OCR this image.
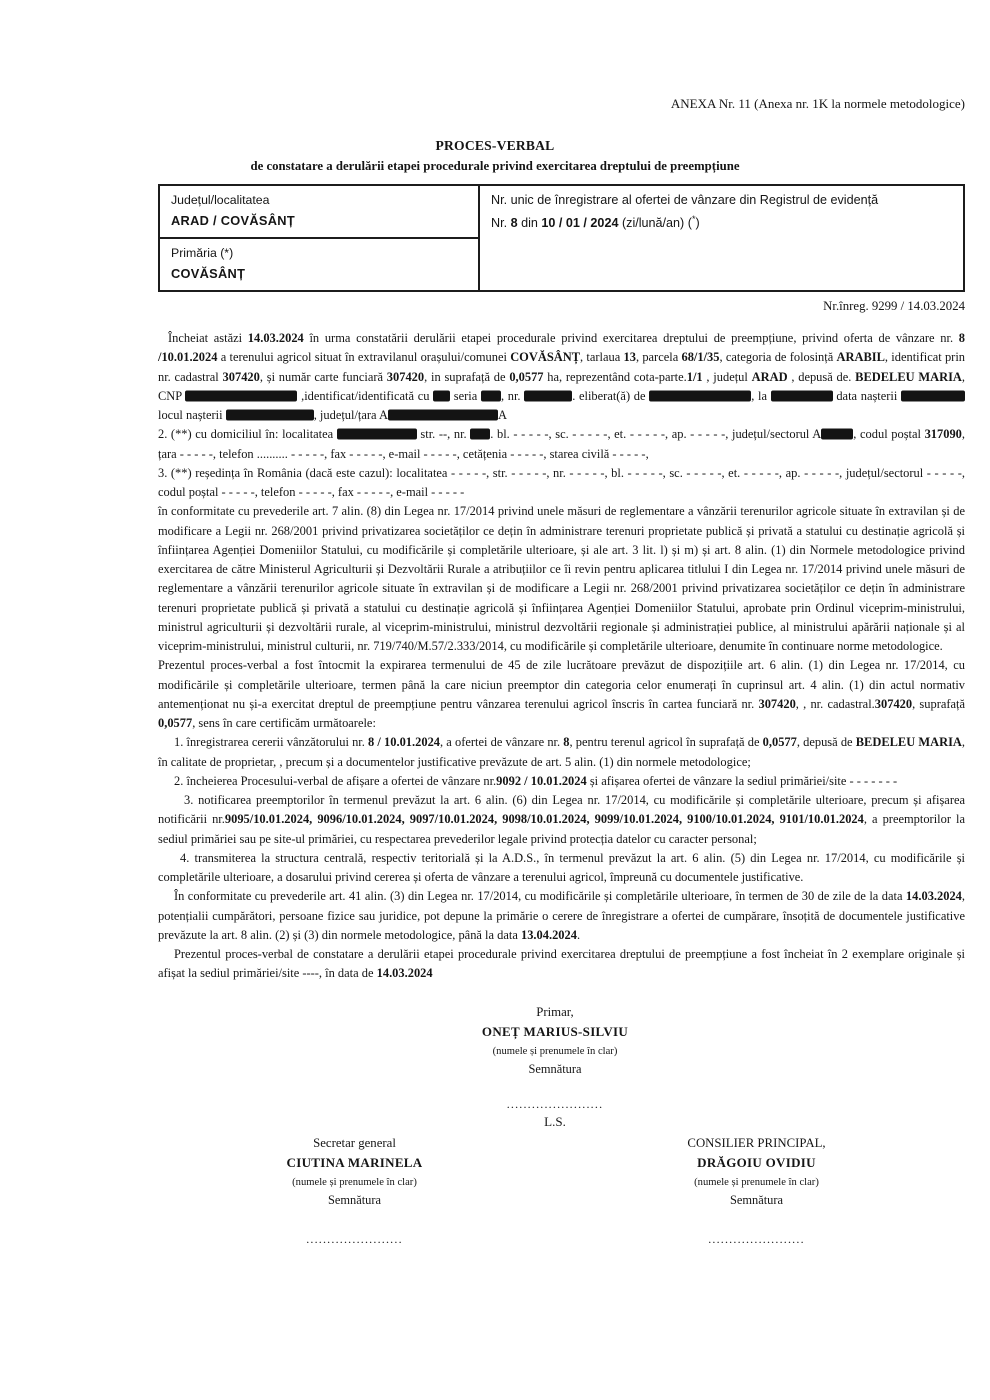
ANEXA Nr. 11 (Anexa nr. 1K la normele metodologice)
PROCES-VERBAL
de constatare a derulării etapei procedurale privind exercitarea dreptului de preempțiune
Județul/localitatea
ARAD / COVĂSÂNȚ

Nr. unic de înregistrare al ofertei de vânzare din Registrul de evidență
Nr. 8 din 10 / 01 / 2024 (zi/lună/an) (*)

Primăria (*)
COVĂSÂNȚ
Nr.înreg. 9299 / 14.03.2024

Încheiat astăzi 14.03.2024 în urma constatării derulării etapei procedurale privind exercitarea dreptului de preempțiune, privind oferta de vânzare nr. 8 /10.01.2024 a terenului agricol situat în extravilanul orașului/comunei COVĂSÂNȚ, tarlaua 13, parcela 68/1/35, categoria de folosință ARABIL, identificat prin nr. cadastral 307420, și număr carte funciară 307420, in suprafață de 0,0577 ha, reprezentând cota-parte.1/1 , județul ARAD , depusă de. BEDELEU MARIA, CNP	,identificat/identificată cu  seria , nr.	. eliberat(ă) de	, la	data nașterii  locul nașterii	, județul/țara A	A

2. (**) cu domiciliul în: localitatea	str. --, nr. . bl. - - - - -, sc. - - - - -, et. - - - - -, ap. - - - - -, județul/sectorul A	, codul poștal 317090, țara - - - - -, telefon .......... - - - - -, fax - - - - -, e-mail - - - - -, cetățenia - - - - -, starea civilă - - - - -,

3. (**) reședința în România (dacă este cazul): localitatea - - - - -, str. - - - - -, nr. - - - - -, bl. - - - - -, sc. - - - - -, et. - - - - -, ap. - - - - -, județul/sectorul - - - - -, codul poștal - - - - -, telefon - - - - -, fax - - - - -, e-mail - - - - -

în conformitate cu prevederile art. 7 alin. (8) din Legea nr. 17/2014 privind unele măsuri de reglementare a vânzării terenurilor agricole situate în extravilan și de modificare a Legii nr. 268/2001 privind privatizarea societăților ce dețin în administrare terenuri proprietate publică și privată a statului cu destinație agricolă și înființarea Agenției Domeniilor Statului, cu modificările și completările ulterioare, și ale art. 3 lit. l) și m) și art. 8 alin. (1) din Normele metodologice privind exercitarea de către Ministerul Agriculturii și Dezvoltării Rurale a atribuțiilor ce îi revin pentru aplicarea titlului I din Legea nr. 17/2014 privind unele măsuri de reglementare a vânzării terenurilor agricole situate în extravilan și de modificare a Legii nr. 268/2001 privind privatizarea societăților ce dețin în administrare terenuri proprietate publică și privată a statului cu destinație agricolă și înființarea Agenției Domeniilor Statului, aprobate prin Ordinul viceprim-ministrului, ministrul agriculturii și dezvoltării rurale, al viceprim-ministrului, ministrul dezvoltării regionale și administrației publice, al ministrului apărării naționale și al viceprim-ministrului, ministrul culturii, nr. 719/740/M.57/2.333/2014, cu modificările și completările ulterioare, denumite în continuare norme metodologice.

Prezentul proces-verbal a fost întocmit la expirarea termenului de 45 de zile lucrătoare prevăzut de dispozițiile art. 6 alin. (1) din Legea nr. 17/2014, cu modificările și completările ulterioare, termen până la care niciun preemptor din categoria celor enumerați în cuprinsul art. 4 alin. (1) din actul normativ antemenționat nu și-a exercitat dreptul de preempțiune pentru vânzarea terenului agricol înscris în cartea funciară nr. 307420, , nr. cadastral.307420, suprafață 0,0577, sens în care certificăm următoarele:

1. înregistrarea cererii vânzătorului nr. 8 / 10.01.2024, a ofertei de vânzare nr. 8, pentru terenul agricol în suprafață de 0,0577, depusă de BEDELEU MARIA, în calitate de proprietar, , precum și a documentelor justificative prevăzute de art. 5 alin. (1) din normele metodologice;

2. încheierea Procesului-verbal de afișare a ofertei de vânzare nr.9092 / 10.01.2024 și afișarea ofertei de vânzare la sediul primăriei/site - - - - - - -

3. notificarea preemptorilor în termenul prevăzut la art. 6 alin. (6) din Legea nr. 17/2014, cu modificările și completările ulterioare, precum și afișarea notificării nr.9095/10.01.2024, 9096/10.01.2024, 9097/10.01.2024, 9098/10.01.2024, 9099/10.01.2024, 9100/10.01.2024, 9101/10.01.2024, a preemptorilor la sediul primăriei sau pe site-ul primăriei, cu respectarea prevederilor legale privind protecția datelor cu caracter personal;

4. transmiterea la structura centrală, respectiv teritorială și la A.D.S., în termenul prevăzut la art. 6 alin. (5) din Legea nr. 17/2014, cu modificările și completările ulterioare, a dosarului privind cererea și oferta de vânzare a terenului agricol, împreună cu documentele justificative.

În conformitate cu prevederile art. 41 alin. (3) din Legea nr. 17/2014, cu modificările și completările ulterioare, în termen de 30 de zile de la data 14.03.2024, potențialii cumpărători, persoane fizice sau juridice, pot depune la primărie o cerere de înregistrare a ofertei de cumpărare, însoțită de documentele justificative prevăzute la art. 8 alin. (2) și (3) din normele metodologice, până la data 13.04.2024.

Prezentul proces-verbal de constatare a derulării etapei procedurale privind exercitarea dreptului de preempțiune a fost încheiat în 2 exemplare originale și afișat la sediul primăriei/site ----, în data de 14.03.2024

Primar,
ONEȚ MARIUS-SILVIU
(numele și prenumele în clar)
Semnătura
.......................
L.S.
Secretar general
CIUTINA MARINELA
(numele și prenumele în clar)
Semnătura
.......................
CONSILIER PRINCIPAL,
DRĂGOIU OVIDIU
(numele și prenumele în clar)
Semnătura
.......................
